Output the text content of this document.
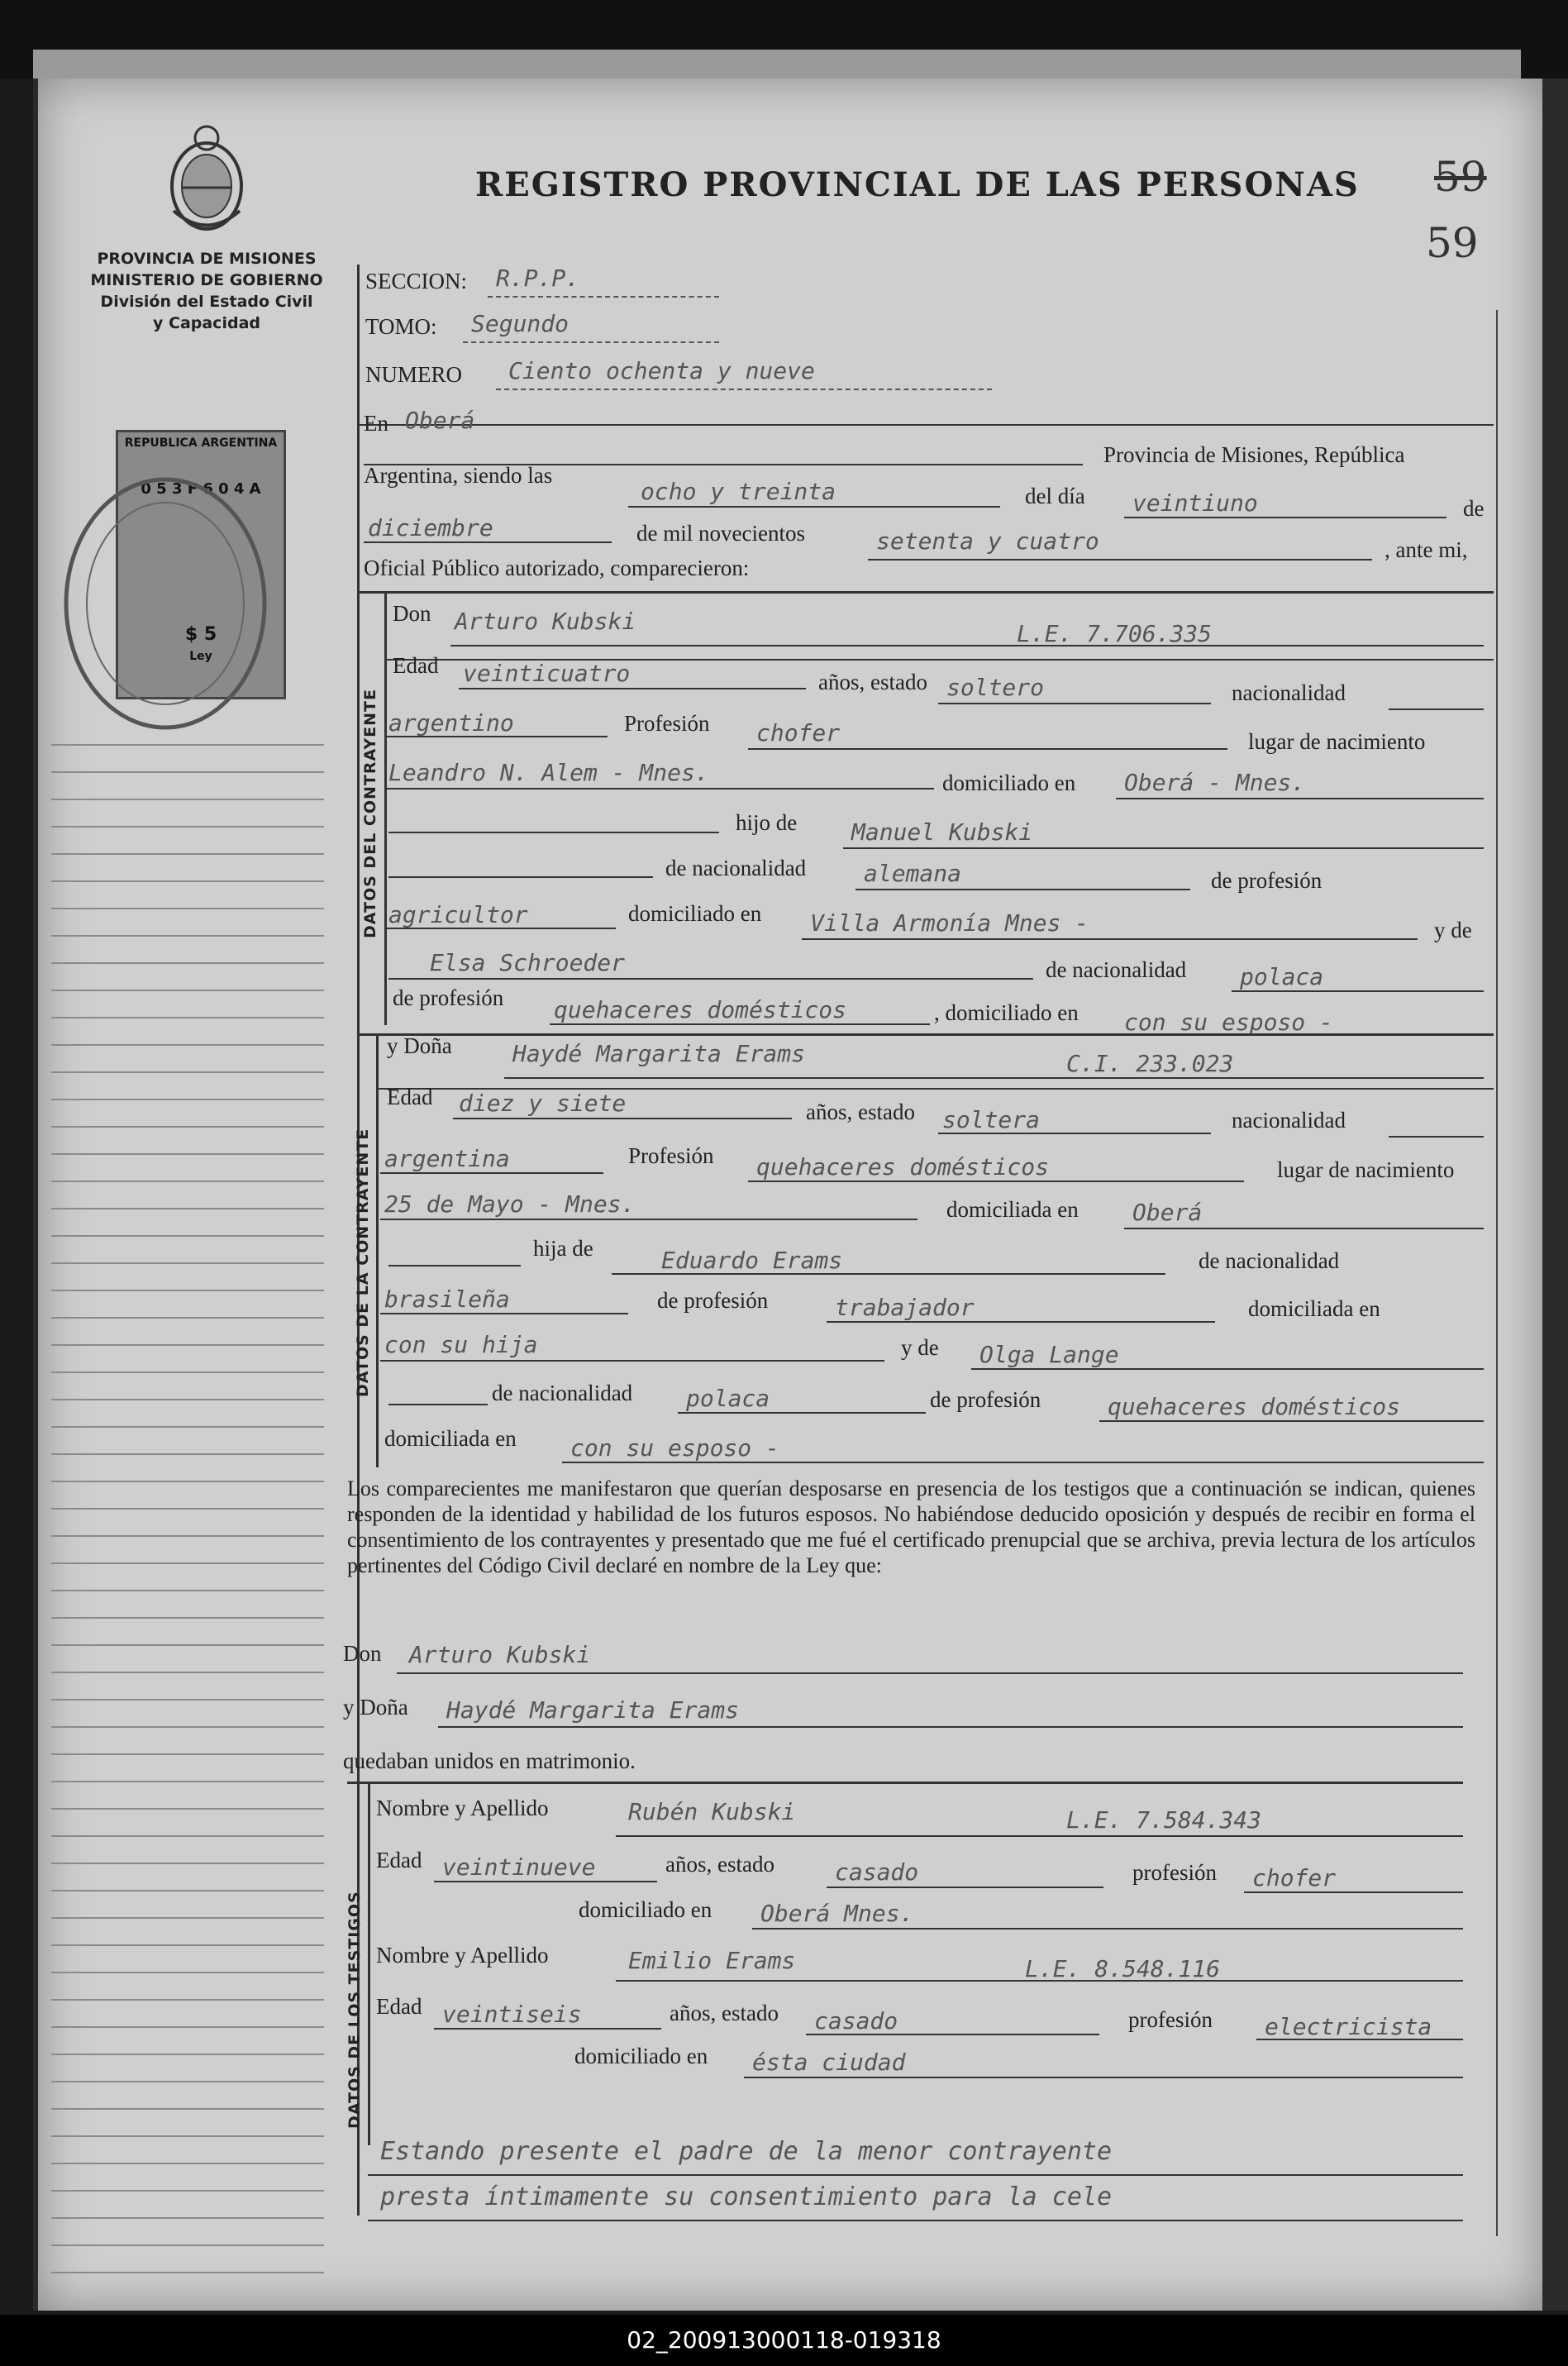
PROVINCIA DE MISIONES
MINISTERIO DE GOBIERNO
División del Estado Civil
y Capacidad
REGISTRO PROVINCIAL DE LAS PERSONAS 59
59
REPUBLICA ARGENTINA
0 5 3 F 6 0 4 A
$ 5
Ley
SECCION: R.P.P.
TOMO: Segundo
NUMERO Ciento ochenta y nueve
En Oberá
Provincia de Misiones, República
Argentina, siendo las
ocho y treinta	del día veintiuno	de
diciembre	de mil novecientos	setenta y cuatro	, ante mi,
Oficial Público autorizado, comparecieron:
DATOS DEL CONTRAYENTE
Don Arturo Kubski	L.E. 7.706.335
Edad veinticuatro	años, estado soltero	nacionalidad
argentino	Profesión chofer	lugar de nacimiento
Leandro N. Alem - Mnes.	domiciliado en Oberá - Mnes.
hijo de Manuel Kubski
de nacionalidad alemana	de profesión
agricultor	domiciliado en Villa Armonía Mnes -	y de
Elsa Schroeder	de nacionalidad polaca
de profesión quehaceres domésticos	, domiciliado en con su esposo -
DATOS DE LA CONTRAYENTE
y Doña	Haydé Margarita Erams	C.I. 233.023
Edad diez y siete	años, estado soltera	nacionalidad
argentina	Profesión quehaceres domésticos	lugar de nacimiento
25 de Mayo - Mnes.	domiciliada en Oberá
hija de	Eduardo Erams	de nacionalidad
brasileña	de profesión	trabajador	domiciliada en
con su hija	y de Olga Lange
de nacionalidad polaca	de profesión	quehaceres domésticos
domiciliada en con su esposo -
Los comparecientes me manifestaron que querían desposarse en presencia de los testigos que a continuación se indican, quienes responden de la identidad y habilidad de los futuros esposos. No habiéndose deducido oposición y después de recibir en forma el consentimiento de los contrayentes y presentado que me fué el certificado prenupcial que se archiva, previa lectura de los artículos pertinentes del Código Civil declaré en nombre de la Ley que:
Don Arturo Kubski
y Doña Haydé Margarita Erams
quedaban unidos en matrimonio.
DATOS DE LOS TESTIGOS
Nombre y Apellido	Rubén Kubski	L.E. 7.584.343
Edad veintinueve	años, estado	casado	profesión chofer
domiciliado en Oberá Mnes.
Nombre y Apellido	Emilio Erams	L.E. 8.548.116
Edad veintiseis	años, estado casado	profesión electricista
domiciliado en ésta ciudad
Estando presente el padre de la menor contrayente
presta íntimamente su consentimiento para la cele
02_200913000118-019318
